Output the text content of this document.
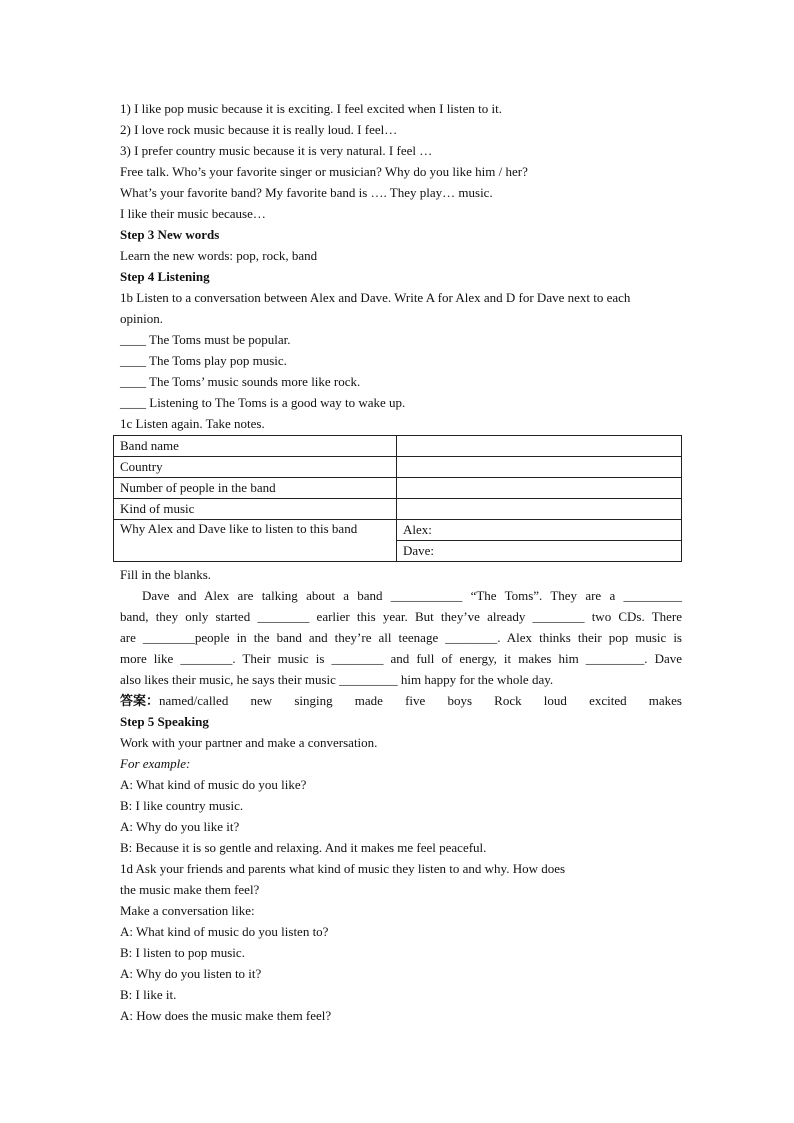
1) I like pop music because it is exciting. I feel excited when I listen to it.
2) I love rock music because it is really loud. I feel…
3) I prefer country music because it is very natural. I feel …
Free talk. Who’s your favorite singer or musician? Why do you like him / her?
What’s your favorite band? My favorite band is …. They play… music.
I like their music because…
Step 3 New words
Learn the new words: pop, rock, band
Step 4 Listening
1b Listen to a conversation between Alex and Dave. Write A for Alex and D for Dave next to each
opinion.
____ The Toms must be popular.
____ The Toms play pop music.
____ The Toms’ music sounds more like rock.
____ Listening to The Toms is a good way to wake up.
1c Listen again. Take notes.
Band name	
Country	
Number of people in the band	
Kind of music	
Why Alex and Dave like to listen to this band	Alex:
	Dave:
Fill in the blanks.
Dave and Alex are talking about a band ___________ “The Toms”. They are a _________
band, they only started ________ earlier this year. But they’ve already ________ two CDs. There
are ________people in the band and they’re all teenage ________. Alex thinks their pop music is
more like ________. Their music is ________ and full of energy, it makes him _________. Dave
also likes their music, he says their music _________ him happy for the whole day.
答案：named/called new singing made five boys Rock loud excited makes
Step 5 Speaking
Work with your partner and make a conversation.
For example:
A: What kind of music do you like?
B: I like country music.
A: Why do you like it?
B: Because it is so gentle and relaxing. And it makes me feel peaceful.
1d Ask your friends and parents what kind of music they listen to and why. How does
the music make them feel?
Make a conversation like:
A: What kind of music do you listen to?
B: I listen to pop music.
A: Why do you listen to it?
B: I like it.
A: How does the music make them feel?
